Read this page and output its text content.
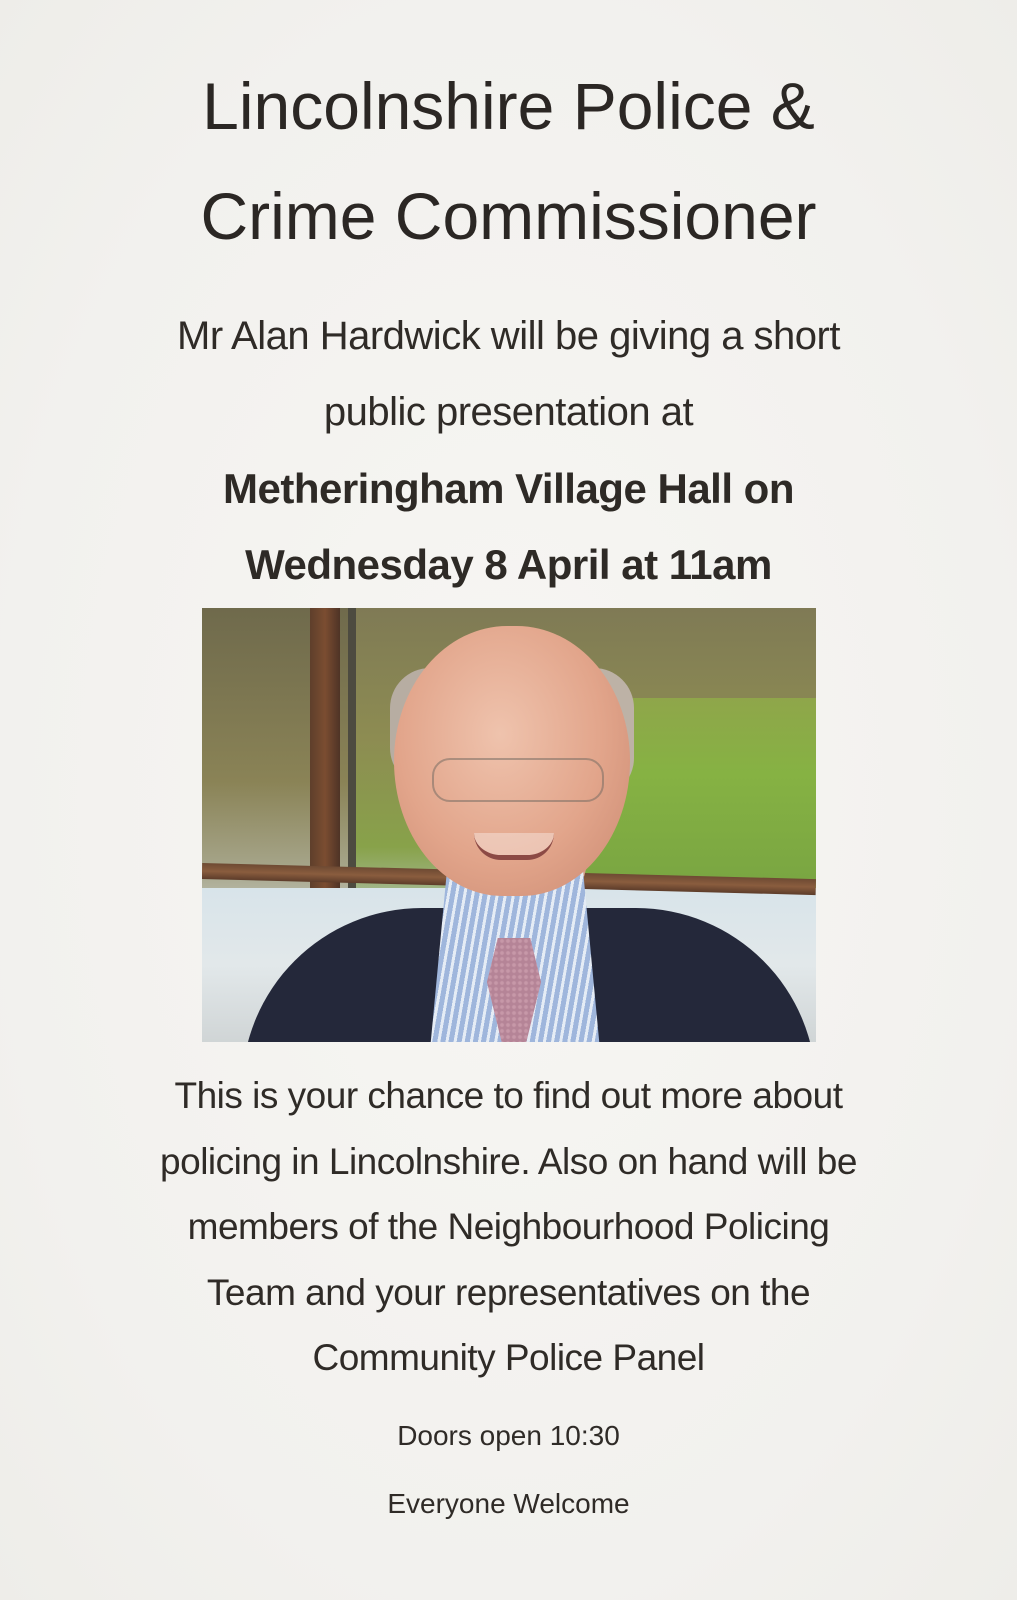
Lincolnshire Police &
Crime Commissioner
Mr Alan Hardwick will be giving a short
public presentation at
Metheringham Village Hall on
Wednesday 8 April at 11am
This is your chance to find out more about
policing in Lincolnshire. Also on hand will be
members of the Neighbourhood Policing
Team and your representatives on the
Community Police Panel
Doors open 10:30
Everyone Welcome
